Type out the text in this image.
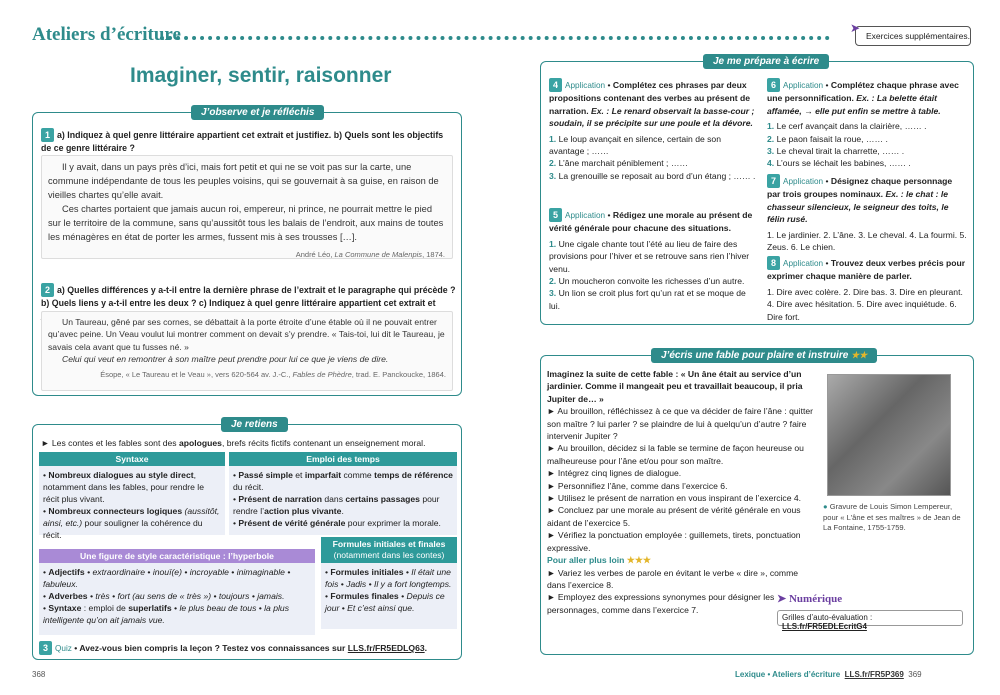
Ateliers d’écriture	➤
Exercices supplémentaires.
Imaginer, sentir, raisonner
J’observe et je réfléchis
1 a) Indiquez à quel genre littéraire appartient cet extrait et justifiez. b) Quels sont les objectifs de ce genre littéraire ?

Il y avait, dans un pays près d’ici, mais fort petit et qui ne se voit pas sur la carte, une commune indépendante de tous les peuples voisins, qui se gouvernait à sa guise, en raison de vieilles chartes qu’elle avait.

Ces chartes portaient que jamais aucun roi, empereur, ni prince, ne pourrait mettre le pied sur le territoire de la commune, sans qu’aussitôt tous les balais de l’endroit, aux mains de toutes les ménagères en état de porter les armes, fussent mis à ses trousses […].

André Léo, La Commune de Malenpis, 1874.
2 a) Quelles différences y a-t-il entre la dernière phrase de l’extrait et le paragraphe qui précède ?
b) Quels liens y a-t-il entre les deux ? c) Indiquez à quel genre littéraire appartient cet extrait et

Un Taureau, gêné par ses cornes, se débattait à la porte étroite d’une étable où il ne pouvait entrer qu’avec peine. Un Veau voulut lui montrer comment on devait s’y prendre. « Tais-toi, lui dit le Taureau, je savais cela avant que tu fusses né. »

Celui qui veut en remontrer à son maître peut prendre pour lui ce que je viens de dire.

Ésope, « Le Taureau et le Veau », vers 620-564 av. J.-C., Fables de Phèdre, trad. E. Panckoucke, 1864.
Je retiens
► Les contes et les fables sont des apologues, brefs récits fictifs contenant un enseignement moral.
Syntaxe
• Nombreux dialogues au style direct, notamment dans les fables, pour rendre le récit plus vivant.
• Nombreux connecteurs logiques (aussitôt, ainsi, etc.) pour souligner la cohérence du récit.
Emploi des temps
• Passé simple et imparfait comme temps de référence du récit.
• Présent de narration dans certains passages pour rendre l’action plus vivante.
• Présent de vérité générale pour exprimer la morale.
Une figure de style caractéristique : l’hyperbole
• Adjectifs • extraordinaire • inouï(e) • incroyable • inimaginable • fabuleux.
• Adverbes • très • fort (au sens de « très ») • toujours • jamais.
• Syntaxe : emploi de superlatifs • le plus beau de tous • la plus intelligente qu’on ait jamais vue.
Formules initiales et finales
(notamment dans les contes)
• Formules initiales • Il était une fois • Jadis • Il y a fort longtemps.
• Formules finales • Depuis ce jour • Et c’est ainsi que.
3 Quiz • Avez-vous bien compris la leçon ? Testez vos connaissances sur LLS.fr/FR5EDLQ63.
Je me prépare à écrire
4 Application • Complétez ces phrases par deux propositions contenant des verbes au présent de narration. Ex. : Le renard observait la basse-cour ; soudain, il se précipite sur une poule et la dévore.
1. Le loup avançait en silence, certain de son avantage ; ……
2. L’âne marchait péniblement ; ……
3. La grenouille se reposait au bord d’un étang ; …… .
5 Application • Rédigez une morale au présent de vérité générale pour chacune des situations.
1. Une cigale chante tout l’été au lieu de faire des provisions pour l’hiver et se retrouve sans rien l’hiver venu.
2. Un moucheron convoite les richesses d’un autre.
3. Un lion se croit plus fort qu’un rat et se moque de lui.
6 Application • Complétez chaque phrase avec une personnification. Ex. : La belette était affamée, → elle put enfin se mettre à table.
1. Le cerf avançait dans la clairière, …… .
2. Le paon faisait la roue, …… .
3. Le cheval tirait la charrette, …… .
4. L’ours se léchait les babines, …… .
7 Application • Désignez chaque personnage par trois groupes nominaux. Ex. : le chat : le chasseur silencieux, le seigneur des toits, le félin rusé.
1. Le jardinier. 2. L’âne. 3. Le cheval. 4. La fourmi. 5. Zeus. 6. Le chien.
8 Application • Trouvez deux verbes précis pour exprimer chaque manière de parler.
1. Dire avec colère. 2. Dire bas. 3. Dire en pleurant. 4. Dire avec hésitation. 5. Dire avec inquiétude. 6. Dire fort.
J’écris une fable pour plaire et instruire ★★
Imaginez la suite de cette fable : « Un âne était au service d’un jardinier. Comme il mangeait peu et travaillait beaucoup, il pria Jupiter de… »
► Au brouillon, réfléchissez à ce que va décider de faire l’âne : quitter son maître ? lui parler ? se plaindre de lui à quelqu’un d’autre ? faire intervenir Jupiter ?
► Au brouillon, décidez si la fable se termine de façon heureuse ou malheureuse pour l’âne et/ou pour son maître.
► Intégrez cinq lignes de dialogue.
► Personnifiez l’âne, comme dans l’exercice 6.
► Utilisez le présent de narration en vous inspirant de l’exercice 4.
► Concluez par une morale au présent de vérité générale en vous aidant de l’exercice 5.
► Vérifiez la ponctuation employée : guillemets, tirets, ponctuation expressive.
Pour aller plus loin ★★★
► Variez les verbes de parole en évitant le verbe « dire », comme dans l’exercice 8.
► Employez des expressions synonymes pour désigner les personnages, comme dans l’exercice 7.
● Gravure de Louis Simon Lempereur, pour « L’âne et ses maîtres » de Jean de La Fontaine, 1755-1759.
➤ Numérique
Grilles d’auto-évaluation : LLS.fr/FR5EDLEcritG4
368	Lexique • Ateliers d’écriture LLS.fr/FR5P369 369
